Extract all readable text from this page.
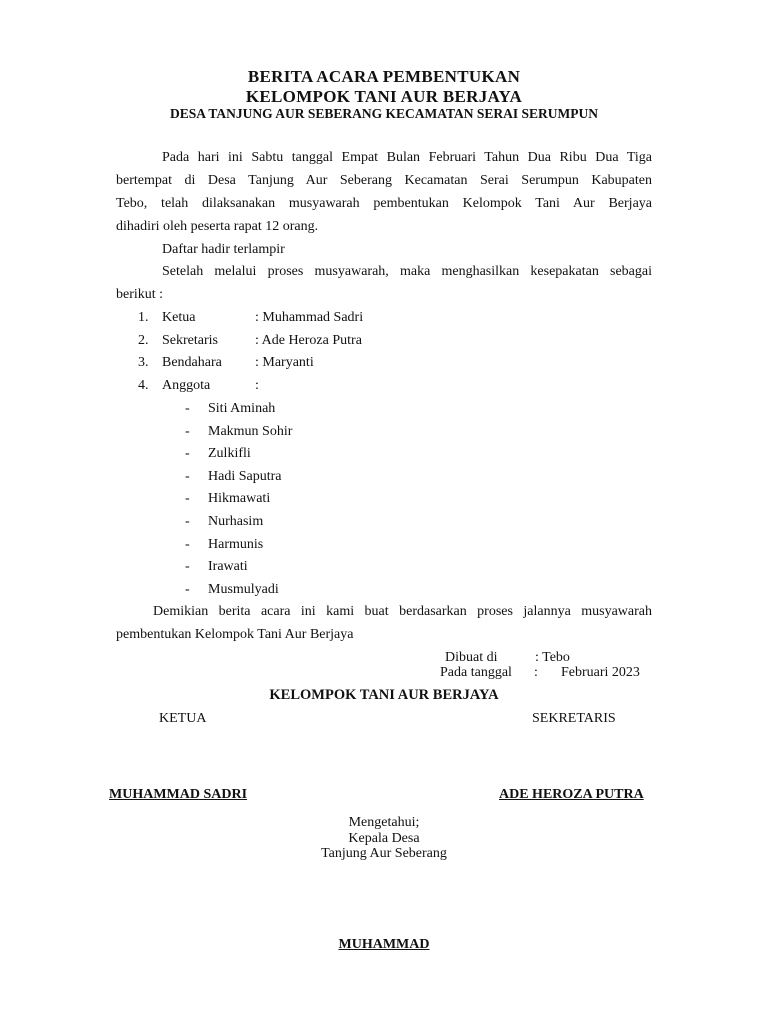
BERITA ACARA PEMBENTUKAN
KELOMPOK TANI AUR BERJAYA
DESA TANJUNG AUR SEBERANG KECAMATAN SERAI SERUMPUN
Pada hari ini Sabtu tanggal Empat Bulan Februari Tahun Dua Ribu Dua Tiga
bertempat di Desa Tanjung Aur Seberang Kecamatan Serai Serumpun Kabupaten
Tebo, telah dilaksanakan musyawarah pembentukan Kelompok Tani Aur Berjaya
dihadiri oleh peserta rapat 12 orang.
Daftar hadir terlampir
Setelah melalui proses musyawarah, maka menghasilkan kesepakatan sebagai
berikut :
1. Ketua	: Muhammad Sadri
2. Sekretaris	: Ade Heroza Putra
3. Bendahara : Maryanti
4. Anggota	:
- Siti Aminah
- Makmun Sohir
- Zulkifli
- Hadi Saputra
- Hikmawati
- Nurhasim
- Harmunis
- Irawati
- Musmulyadi
Demikian berita acara ini kami buat berdasarkan proses jalannya musyawarah
pembentukan Kelompok Tani Aur Berjaya
Dibuat di	: Tebo
Pada tanggal : Februari 2023
KELOMPOK TANI AUR BERJAYA
KETUA	SEKRETARIS
MUHAMMAD SADRI	ADE HEROZA PUTRA
Mengetahui;
Kepala Desa
Tanjung Aur Seberang
MUHAMMAD
